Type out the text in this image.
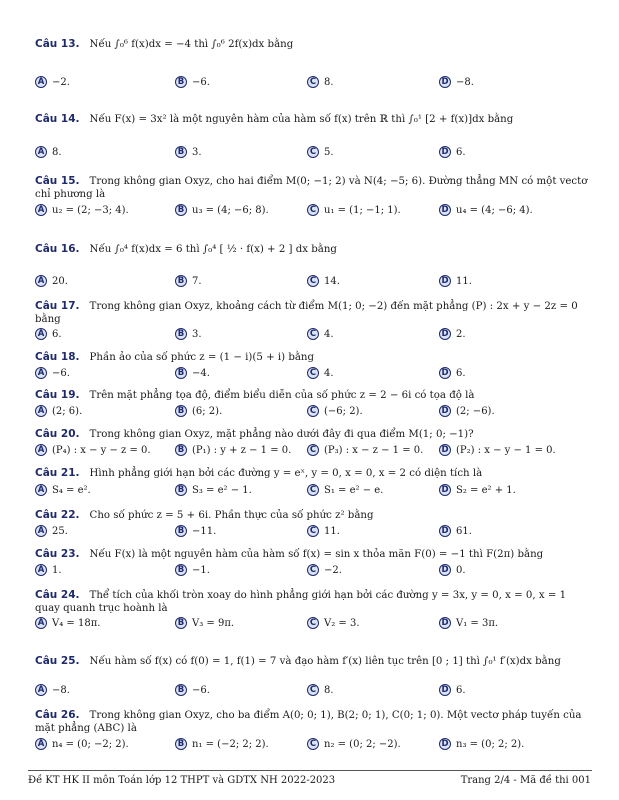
Câu 13. Nếu ∫₀⁶ f(x)dx = −4 thì ∫₀⁶ 2f(x)dx bằng
A −2.	B −6.	C 8.	D −8.
Câu 14. Nếu F(x) = 3x² là một nguyên hàm của hàm số f(x) trên ℝ thì ∫₀¹ [2 + f(x)]dx bằng
A 8.	B 3.	C 5.	D 6.
Câu 15. Trong không gian Oxyz, cho hai điểm M(0; −1; 2) và N(4; −5; 6). Đường thẳng MN có một vectơ chỉ phương là
A u₂ = (2; −3; 4).	B u₃ = (4; −6; 8).	C u₁ = (1; −1; 1).	D u₄ = (4; −6; 4).
Câu 16. Nếu ∫₀⁴ f(x)dx = 6 thì ∫₀⁴ [ ½ · f(x) + 2 ] dx bằng
A 20.	B 7.	C 14.	D 11.
Câu 17. Trong không gian Oxyz, khoảng cách từ điểm M(1; 0; −2) đến mặt phẳng (P) : 2x + y − 2z = 0 bằng
A 6.	B 3.	C 4.	D 2.
Câu 18. Phần ảo của số phức z = (1 − i)(5 + i) bằng
A −6.	B −4.	C 4.	D 6.
Câu 19. Trên mặt phẳng tọa độ, điểm biểu diễn của số phức z = 2 − 6i có tọa độ là
A (2; 6).	B (6; 2).	C (−6; 2).	D (2; −6).
Câu 20. Trong không gian Oxyz, mặt phẳng nào dưới đây đi qua điểm M(1; 0; −1)?
A (P₄) : x − y − z = 0.	B (P₁) : y + z − 1 = 0.	C (P₃) : x − z − 1 = 0. D (P₂) : x − y − 1 = 0.
Câu 21. Hình phẳng giới hạn bởi các đường y = eˣ, y = 0, x = 0, x = 2 có diện tích là
A S₄ = e².	B S₃ = e² − 1.	C S₁ = e² − e.	D S₂ = e² + 1.
Câu 22. Cho số phức z = 5 + 6i. Phần thực của số phức z² bằng
A 25.	B −11.	C 11.	D 61.
Câu 23. Nếu F(x) là một nguyên hàm của hàm số f(x) = sin x thỏa mãn F(0) = −1 thì F(2π) bằng
A 1.	B −1.	C −2.	D 0.
Câu 24. Thể tích của khối tròn xoay do hình phẳng giới hạn bởi các đường y = 3x, y = 0, x = 0, x = 1 quay quanh trục hoành là
A V₄ = 18π.	B V₃ = 9π.	C V₂ = 3.	D V₁ = 3π.
Câu 25. Nếu hàm số f(x) có f(0) = 1, f(1) = 7 và đạo hàm f′(x) liên tục trên [0 ; 1] thì ∫₀¹ f′(x)dx bằng
A −8.	B −6.	C 8.	D 6.
Câu 26. Trong không gian Oxyz, cho ba điểm A(0; 0; 1), B(2; 0; 1), C(0; 1; 0). Một vectơ pháp tuyến của mặt phẳng (ABC) là
A n₄ = (0; −2; 2).	B n₁ = (−2; 2; 2).	C n₂ = (0; 2; −2).	D n₃ = (0; 2; 2).
Đề KT HK II môn Toán lớp 12 THPT và GDTX NH 2022-2023	Trang 2/4 - Mã đề thi 001
